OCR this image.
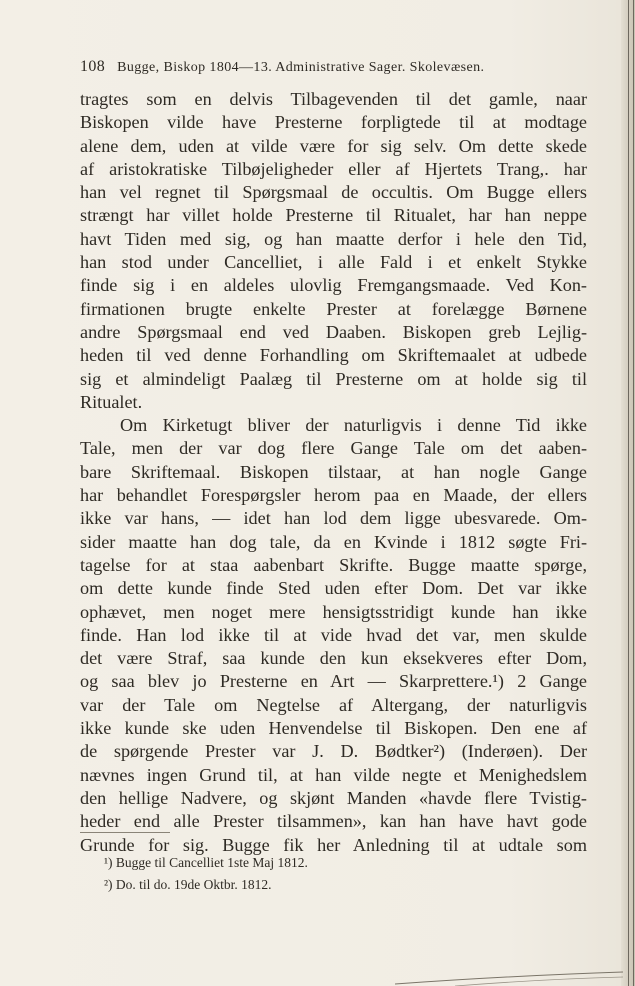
108 Bugge, Biskop 1804—13. Administrative Sager. Skolevæsen.
tragtes som en delvis Tilbagevenden til det gamle, naar
Biskopen vilde have Presterne forpligtede til at modtage
alene dem, uden at vilde være for sig selv. Om dette skede
af aristokratiske Tilbøjeligheder eller af Hjertets Trang,. har
han vel regnet til Spørgsmaal de occultis. Om Bugge ellers
strængt har villet holde Presterne til Ritualet, har han neppe
havt Tiden med sig, og han maatte derfor i hele den Tid,
han stod under Cancelliet, i alle Fald i et enkelt Stykke
finde sig i en aldeles ulovlig Fremgangsmaade. Ved Kon-
firmationen brugte enkelte Prester at forelægge Børnene
andre Spørgsmaal end ved Daaben. Biskopen greb Lejlig-
heden til ved denne Forhandling om Skriftemaalet at udbede
sig et almindeligt Paalæg til Presterne om at holde sig til
Ritualet.
Om Kirketugt bliver der naturligvis i denne Tid ikke
Tale, men der var dog flere Gange Tale om det aaben-
bare Skriftemaal. Biskopen tilstaar, at han nogle Gange
har behandlet Forespørgsler herom paa en Maade, der ellers
ikke var hans, — idet han lod dem ligge ubesvarede. Om-
sider maatte han dog tale, da en Kvinde i 1812 søgte Fri-
tagelse for at staa aabenbart Skrifte. Bugge maatte spørge,
om dette kunde finde Sted uden efter Dom. Det var ikke
ophævet, men noget mere hensigtsstridigt kunde han ikke
finde. Han lod ikke til at vide hvad det var, men skulde
det være Straf, saa kunde den kun eksekveres efter Dom,
og saa blev jo Presterne en Art — Skarprettere.¹) 2 Gange
var der Tale om Negtelse af Altergang, der naturligvis
ikke kunde ske uden Henvendelse til Biskopen. Den ene af
de spørgende Prester var J. D. Bødtker²) (Inderøen). Der
nævnes ingen Grund til, at han vilde negte et Menighedslem
den hellige Nadvere, og skjønt Manden «havde flere Tvistig-
heder end alle Prester tilsammen», kan han have havt gode
Grunde for sig. Bugge fik her Anledning til at udtale som
¹) Bugge til Cancelliet 1ste Maj 1812.
²) Do. til do. 19de Oktbr. 1812.
